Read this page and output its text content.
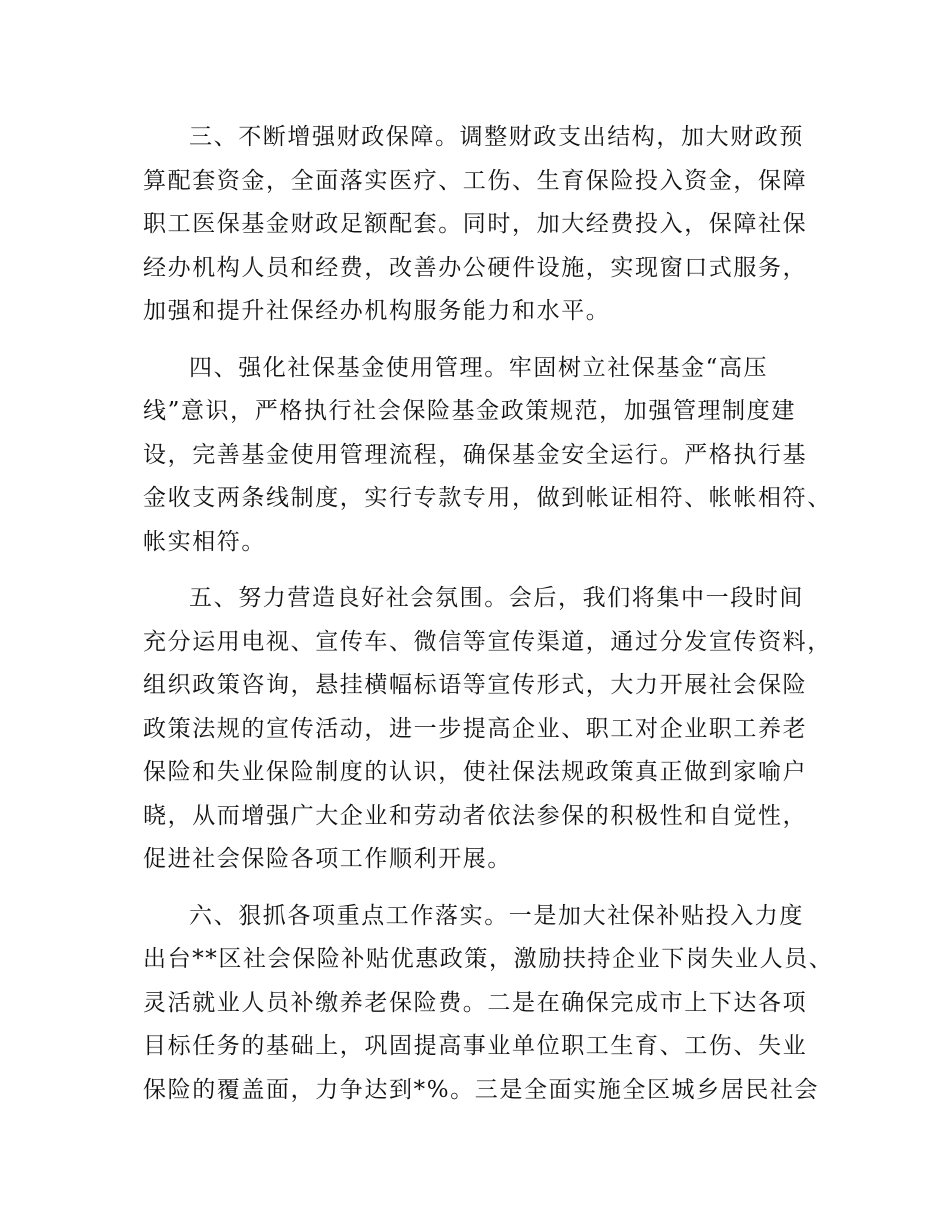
三、不断增强财政保障。调整财政支出结构，加大财政预
算配套资金，全面落实医疗、工伤、生育保险投入资金，保障
职工医保基金财政足额配套。同时，加大经费投入，保障社保
经办机构人员和经费，改善办公硬件设施，实现窗口式服务，
加强和提升社保经办机构服务能力和水平。

四、强化社保基金使用管理。牢固树立社保基金“高压
线”意识，严格执行社会保险基金政策规范，加强管理制度建
设，完善基金使用管理流程，确保基金安全运行。严格执行基
金收支两条线制度，实行专款专用，做到帐证相符、帐帐相符、
帐实相符。

五、努力营造良好社会氛围。会后，我们将集中一段时间
充分运用电视、宣传车、微信等宣传渠道，通过分发宣传资料，
组织政策咨询，悬挂横幅标语等宣传形式，大力开展社会保险
政策法规的宣传活动，进一步提高企业、职工对企业职工养老
保险和失业保险制度的认识，使社保法规政策真正做到家喻户
晓，从而增强广大企业和劳动者依法参保的积极性和自觉性，
促进社会保险各项工作顺利开展。

六、狠抓各项重点工作落实。一是加大社保补贴投入力度
出台**区社会保险补贴优惠政策，激励扶持企业下岗失业人员、
灵活就业人员补缴养老保险费。二是在确保完成市上下达各项
目标任务的基础上，巩固提高事业单位职工生育、工伤、失业
保险的覆盖面，力争达到*%。三是全面实施全区城乡居民社会
